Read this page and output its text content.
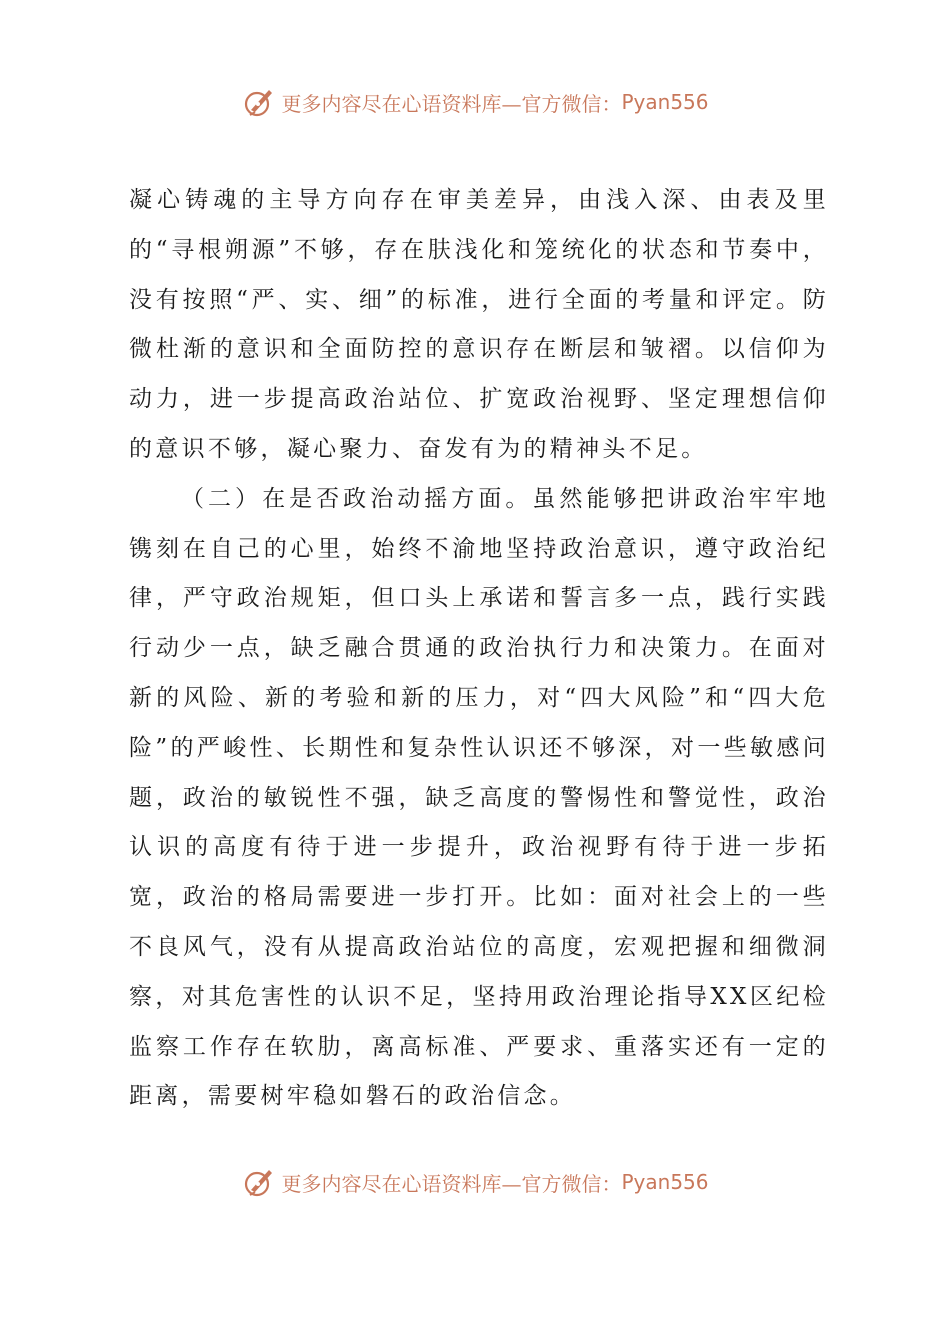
更多内容尽在心语资料库—官方微信： Pyan556

凝心铸魂的主导方向存在审美差异，由浅入深、由表及里的“寻根朔源”不够，存在肤浅化和笼统化的状态和节奏中，没有按照“严、实、细”的标准，进行全面的考量和评定。防微杜渐的意识和全面防控的意识存在断层和皱褶。以信仰为动力，进一步提高政治站位、扩宽政治视野、坚定理想信仰的意识不够，凝心聚力、奋发有为的精神头不足。

（二）在是否政治动摇方面。虽然能够把讲政治牢牢地镌刻在自己的心里，始终不渝地坚持政治意识，遵守政治纪律，严守政治规矩，但口头上承诺和誓言多一点，践行实践行动少一点，缺乏融合贯通的政治执行力和决策力。在面对新的风险、新的考验和新的压力，对“四大风险”和“四大危险”的严峻性、长期性和复杂性认识还不够深，对一些敏感问题，政治的敏锐性不强，缺乏高度的警惕性和警觉性，政治认识的高度有待于进一步提升，政治视野有待于进一步拓宽，政治的格局需要进一步打开。比如：面对社会上的一些不良风气，没有从提高政治站位的高度，宏观把握和细微洞察，对其危害性的认识不足，坚持用政治理论指导XX区纪检监察工作存在软肋，离高标准、严要求、重落实还有一定的距离，需要树牢稳如磐石的政治信念。

更多内容尽在心语资料库—官方微信： Pyan556
